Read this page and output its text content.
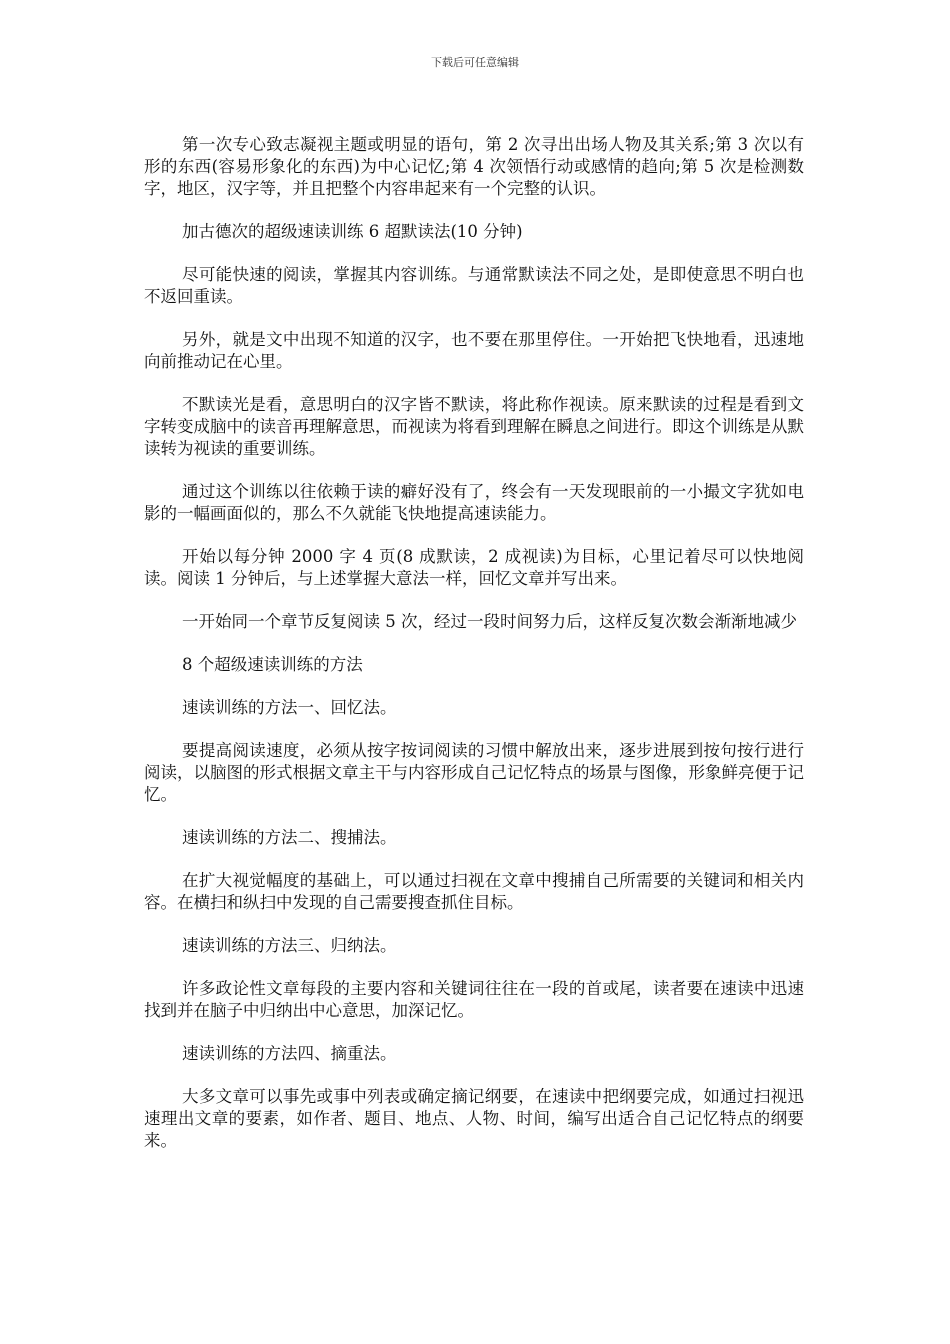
下载后可任意编辑

第一次专心致志凝视主题或明显的语句，第 2 次寻出出场人物及其关系;第 3 次以有形的东西(容易形象化的东西)为中心记忆;第 4 次领悟行动或感情的趋向;第 5 次是检测数字，地区，汉字等，并且把整个内容串起来有一个完整的认识。

加古德次的超级速读训练 6 超默读法(10 分钟)

尽可能快速的阅读，掌握其内容训练。与通常默读法不同之处，是即使意思不明白也不返回重读。

另外，就是文中出现不知道的汉字，也不要在那里停住。一开始把飞快地看，迅速地向前推动记在心里。

不默读光是看，意思明白的汉字皆不默读，将此称作视读。原来默读的过程是看到文字转变成脑中的读音再理解意思，而视读为将看到理解在瞬息之间进行。即这个训练是从默读转为视读的重要训练。

通过这个训练以往依赖于读的癖好没有了，终会有一天发现眼前的一小撮文字犹如电影的一幅画面似的，那么不久就能飞快地提高速读能力。

开始以每分钟 2000 字 4 页(8 成默读，2 成视读)为目标，心里记着尽可以快地阅读。阅读 1 分钟后，与上述掌握大意法一样，回忆文章并写出来。

一开始同一个章节反复阅读 5 次，经过一段时间努力后，这样反复次数会渐渐地减少

8 个超级速读训练的方法

速读训练的方法一、回忆法。

要提高阅读速度，必须从按字按词阅读的习惯中解放出来，逐步进展到按句按行进行阅读，以脑图的形式根据文章主干与内容形成自己记忆特点的场景与图像，形象鲜亮便于记忆。

速读训练的方法二、搜捕法。

在扩大视觉幅度的基础上，可以通过扫视在文章中搜捕自己所需要的关键词和相关内容。在横扫和纵扫中发现的自己需要搜查抓住目标。

速读训练的方法三、归纳法。

许多政论性文章每段的主要内容和关键词往往在一段的首或尾，读者要在速读中迅速找到并在脑子中归纳出中心意思，加深记忆。

速读训练的方法四、摘重法。

大多文章可以事先或事中列表或确定摘记纲要，在速读中把纲要完成，如通过扫视迅速理出文章的要素，如作者、题目、地点、人物、时间，编写出适合自己记忆特点的纲要来。
